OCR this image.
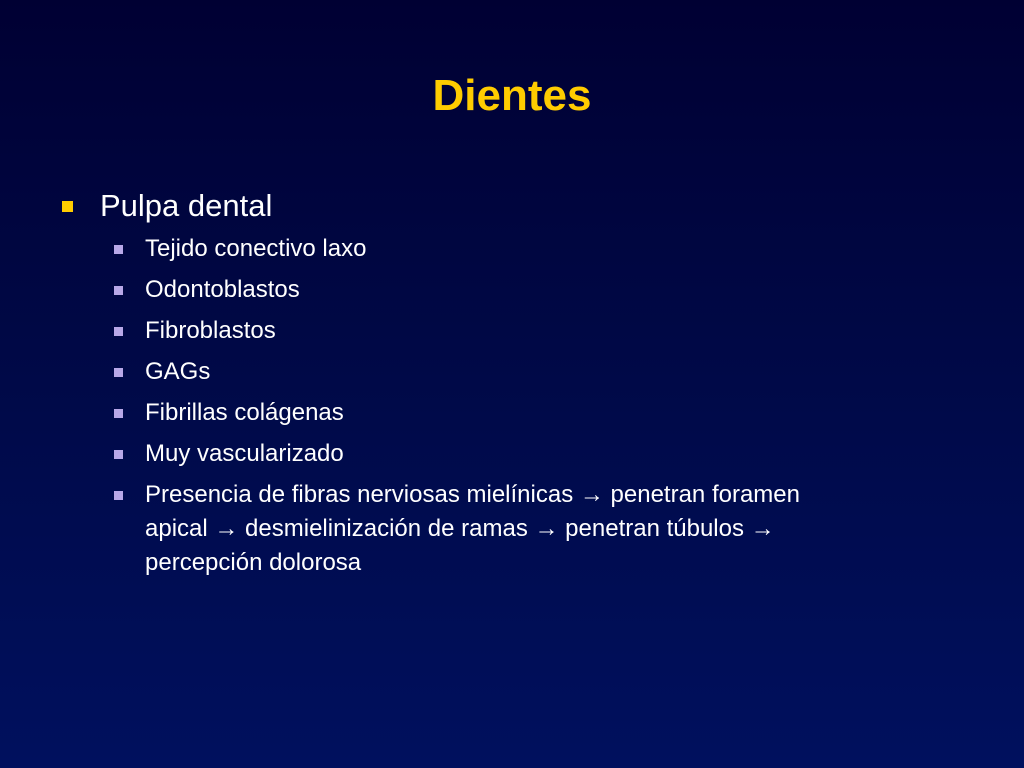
Dientes
Pulpa dental
Tejido conectivo laxo
Odontoblastos
Fibroblastos
GAGs
Fibrillas colágenas
Muy vascularizado
Presencia de fibras nerviosas mielínicas → penetran foramen
apical → desmielinización de ramas → penetran túbulos →
percepción dolorosa
